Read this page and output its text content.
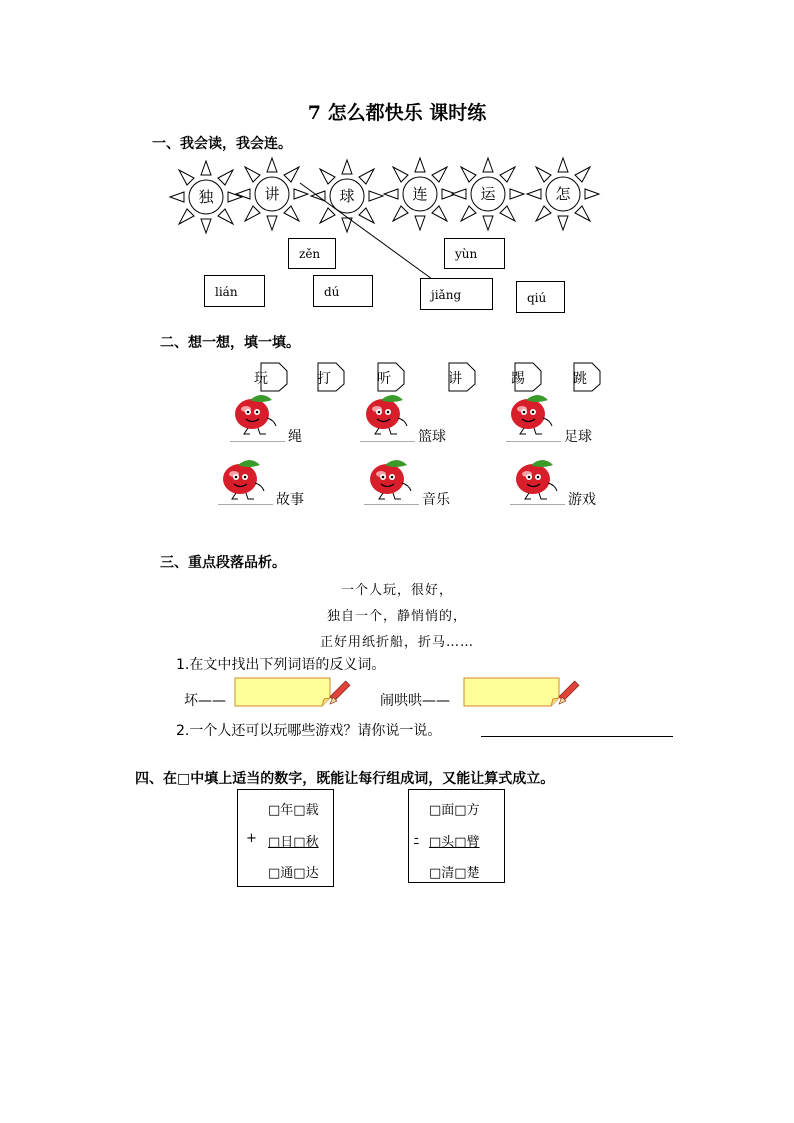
7 怎么都快乐 课时练
一、我会读，我会连。
独	讲	球	连	运	怎
zěn	yùn
lián	dú	jiǎng	qiú
二、想一想，填一填。
玩	打	听	讲	踢	跳
绳	篮球	足球
故事	音乐	游戏
三、重点段落品析。
一个人玩，很好，
独自一个，静悄悄的，
正好用纸折船，折马……
1.在文中找出下列词语的反义词。
坏——	闹哄哄——
2.一个人还可以玩哪些游戏？请你说一说。
四、在□中填上适当的数字，既能让每行组成词，又能让算式成立。
□年□载
+ □日□秋
□通□达
□面□方
- □头□臂
□清□楚
